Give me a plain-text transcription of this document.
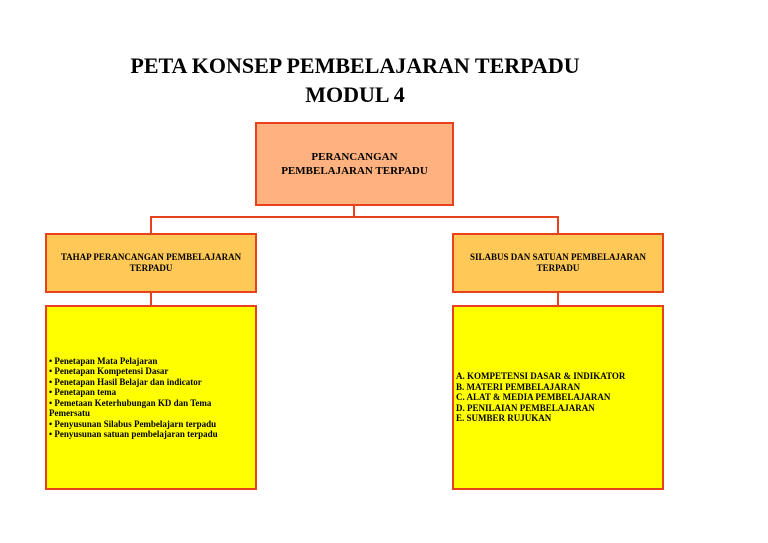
PETA KONSEP PEMBELAJARAN TERPADU
MODUL 4
PERANCANGAN PEMBELAJARAN TERPADU
TAHAP PERANCANGAN PEMBELAJARAN TERPADU
SILABUS DAN SATUAN PEMBELAJARAN TERPADU
• Penetapan Mata Pelajaran
• Penetapan Kompetensi Dasar
• Penetapan Hasil Belajar dan indicator
• Penetapan tema
• Pemetaan Keterhubungan KD dan Tema Pemersatu
• Penyusunan Silabus Pembelajarn terpadu
• Penyusunan satuan pembelajaran terpadu
A. KOMPETENSI DASAR & INDIKATOR
B. MATERI PEMBELAJARAN
C. ALAT & MEDIA PEMBELAJARAN
D. PENILAIAN PEMBELAJARAN
E. SUMBER RUJUKAN
